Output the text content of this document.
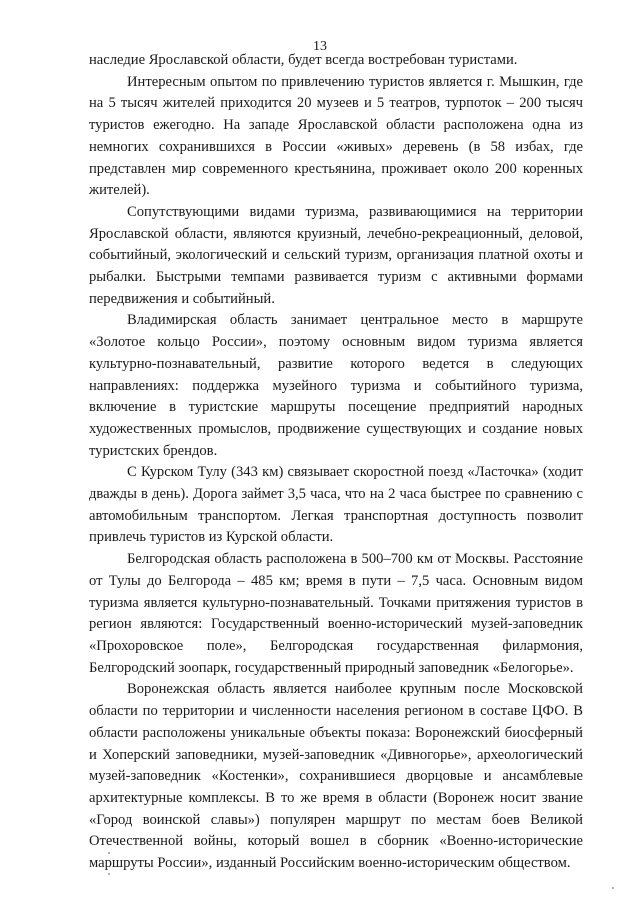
13

наследие Ярославской области, будет всегда востребован туристами.

Интересным опытом по привлечению туристов является г. Мышкин, где на 5 тысяч жителей приходится 20 музеев и 5 театров, турпоток – 200 тысяч туристов ежегодно. На западе Ярославской области расположена одна из немногих сохранившихся в России «живых» деревень (в 58 избах, где представлен мир современного крестьянина, проживает около 200 коренных жителей).

Сопутствующими видами туризма, развивающимися на территории Ярославской области, являются круизный, лечебно-рекреационный, деловой, событийный, экологический и сельский туризм, организация платной охоты и рыбалки. Быстрыми темпами развивается туризм с активными формами передвижения и событийный.

Владимирская область занимает центральное место в маршруте «Золотое кольцо России», поэтому основным видом туризма является культурно-познавательный, развитие которого ведется в следующих направлениях: поддержка музейного туризма и событийного туризма, включение в туристские маршруты посещение предприятий народных художественных промыслов, продвижение существующих и создание новых туристских брендов.

С Курском Тулу (343 км) связывает скоростной поезд «Ласточка» (ходит дважды в день). Дорога займет 3,5 часа, что на 2 часа быстрее по сравнению с автомобильным транспортом. Легкая транспортная доступность позволит привлечь туристов из Курской области.

Белгородская область расположена в 500–700 км от Москвы. Расстояние от Тулы до Белгорода – 485 км; время в пути – 7,5 часа. Основным видом туризма является культурно-познавательный. Точками притяжения туристов в регион являются: Государственный военно-исторический музей-заповедник «Прохоровское поле», Белгородская государственная филармония, Белгородский зоопарк, государственный природный заповедник «Белогорье».

Воронежская область является наиболее крупным после Московской области по территории и численности населения регионом в составе ЦФО. В области расположены уникальные объекты показа: Воронежский биосферный и Хоперский заповедники, музей-заповедник «Дивногорье», археологический музей-заповедник «Костенки», сохранившиеся дворцовые и ансамблевые архитектурные комплексы. В то же время в области (Воронеж носит звание «Город воинской славы») популярен маршрут по местам боев Великой Отечественной войны, который вошел в сборник «Военно-исторические маршруты России», изданный Российским военно-историческим обществом.
